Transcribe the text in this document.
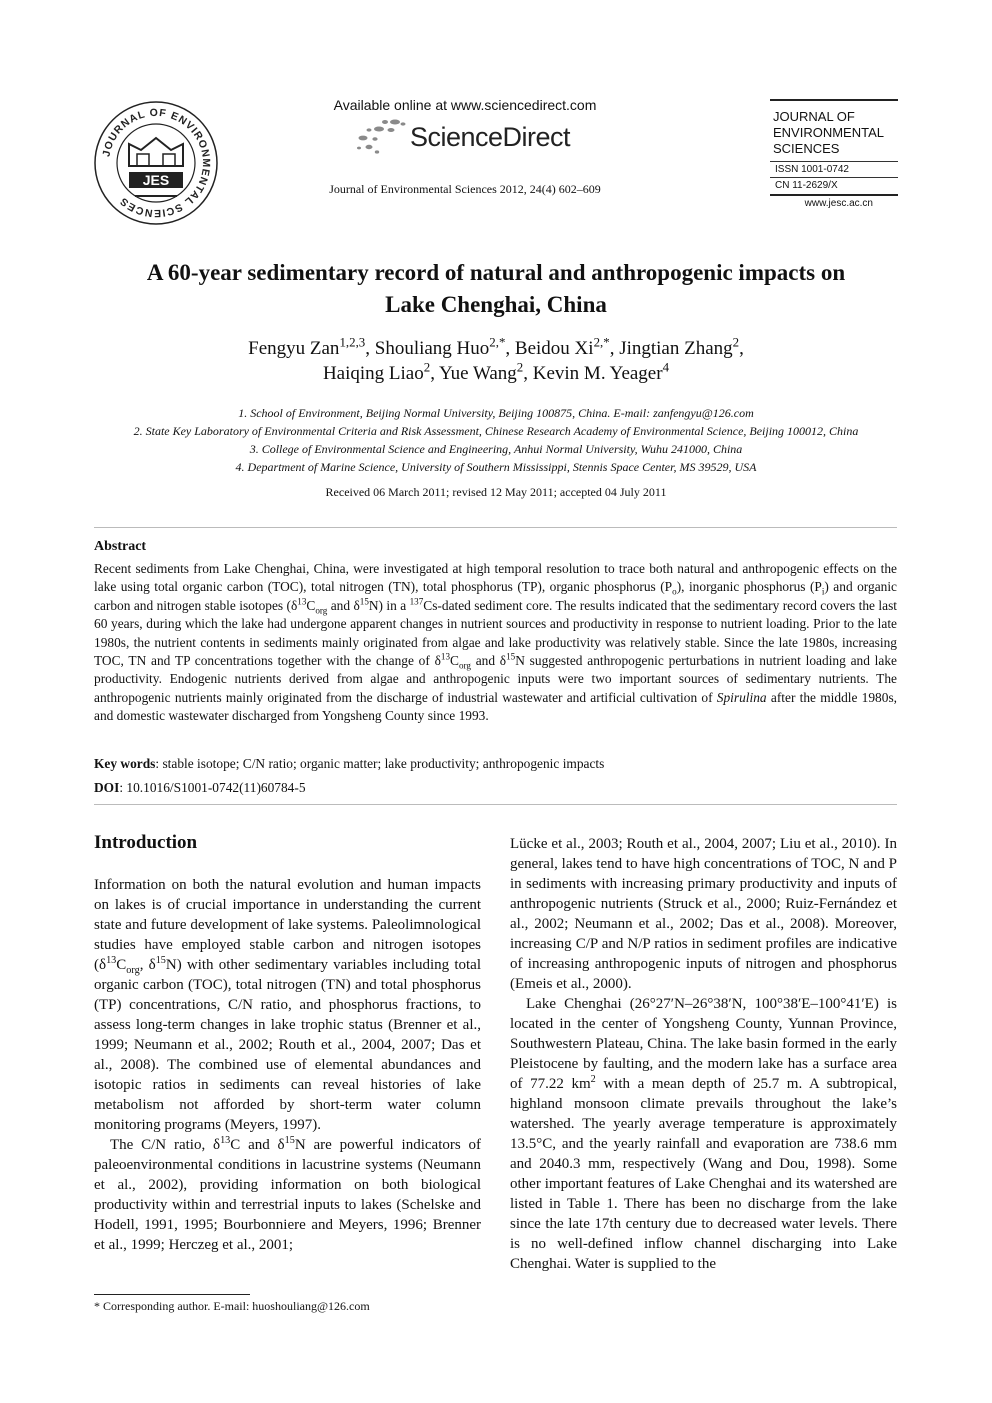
JOURNAL OF ENVIRONMENTAL SCIENCES
JES
Available online at www.sciencedirect.com
ScienceDirect
Journal of Environmental Sciences 2012, 24(4) 602–609
JOURNAL OF
ENVIRONMENTAL
SCIENCES
ISSN 1001-0742
CN 11-2629/X
www.jesc.ac.cn
A 60-year sedimentary record of natural and anthropogenic impacts on
Lake Chenghai, China
Fengyu Zan$^{1,2,3}$, Shouliang Huo$^{2,*}$, Beidou $Xi^{2,*}$, Jingtian Zhang$^2$,
Haiqing Liao$^2$, Yue Wang$^2$, Kevin M. Yeager$^4$
1. School of Environment, Beijing Normal University, Beijing 100875, China. E-mail: zanfengyu@126.com
2. State Key Laboratory of Environmental Criteria and Risk Assessment, Chinese Research Academy of Environmental Science, Beijing 100012, China
3. College of Environmental Science and Engineering, Anhui Normal University, Wuhu 241000, China
4. Department of Marine Science, University of Southern Mississippi, Stennis Space Center, MS 39529, USA
Received 06 March 2011; revised 12 May 2011; accepted 04 July 2011
Abstract
Recent sediments from Lake Chenghai, China, were investigated at high temporal resolution to trace both natural and anthropogenic effects on the lake using total organic carbon (TOC), total nitrogen (TN), total phosphorus (TP), organic phosphorus $(P_o)$, inorganic phosphorus $(P_i)$ and organic carbon and nitrogen stable isotopes ($\delta^{13}C_{org}$ and $\delta^{15}N$) in a $^{137}$Cs-dated sediment core. The results indicated that the sedimentary record covers the last 60 years, during which the lake had undergone apparent changes in nutrient sources and productivity in response to nutrient loading. Prior to the late 1980s, the nutrient contents in sediments mainly originated from algae and lake productivity was relatively stable. Since the late 1980s, increasing TOC, TN and TP concentrations together with the change of $\delta^{13}C_{org}$ and $\delta^{15}N$ suggested anthropogenic perturbations in nutrient loading and lake productivity. Endogenic nutrients derived from algae and anthropogenic inputs were two important sources of sedimentary nutrients. The anthropogenic nutrients mainly originated from the discharge of industrial wastewater and artificial cultivation of Spirulina after the middle 1980s, and domestic wastewater discharged from Yongsheng County since 1993.
Key words: stable isotope; C/N ratio; organic matter; lake productivity; anthropogenic impacts
DOI: 10.1016/S1001-0742(11)60784-5
Introduction

Information on both the natural evolution and human impacts on lakes is of crucial importance in understanding the current state and future development of lake systems. Paleolimnological studies have employed stable carbon and nitrogen isotopes ($\delta^{13}C_{org}$, $\delta^{15}N$) with other sedimentary variables including total organic carbon (TOC), total nitrogen (TN) and total phosphorus (TP) concentrations, C/N ratio, and phosphorus fractions, to assess long-term changes in lake trophic status (Brenner et al., 1999; Neumann et al., 2002; Routh et al., 2004, 2007; Das et al., 2008). The combined use of elemental abundances and isotopic ratios in sediments can reveal histories of lake metabolism not afforded by short-term water column monitoring programs (Meyers, 1997).

The C/N ratio, $\delta^{13}C$ and $\delta^{15}N$ are powerful indicators of paleoenvironmental conditions in lacustrine systems (Neumann et al., 2002), providing information on both biological productivity within and terrestrial inputs to lakes (Schelske and Hodell, 1991, 1995; Bourbonniere and Meyers, 1996; Brenner et al., 1999; Herczeg et al., 2001;

Lücke et al., 2003; Routh et al., 2004, 2007; Liu et al., 2010). In general, lakes tend to have high concentrations of TOC, N and P in sediments with increasing primary productivity and inputs of anthropogenic nutrients (Struck et al., 2000; Ruiz-Fernández et al., 2002; Neumann et al., 2002; Das et al., 2008). Moreover, increasing C/P and N/P ratios in sediment profiles are indicative of increasing anthropogenic inputs of nitrogen and phosphorus (Emeis et al., 2000).

Lake Chenghai (26°27′N–26°38′N, 100°38′E–100°41′E) is located in the center of Yongsheng County, Yunnan Province, Southwestern Plateau, China. The lake basin formed in the early Pleistocene by faulting, and the modern lake has a surface area of 77.22 $km^2$ with a mean depth of 25.7 m. A subtropical, highland monsoon climate prevails throughout the lake’s watershed. The yearly average temperature is approximately 13.5°C, and the yearly rainfall and evaporation are 738.6 mm and 2040.3 mm, respectively (Wang and Dou, 1998). Some other important features of Lake Chenghai and its watershed are listed in Table 1. There has been no discharge from the lake since the late 17th century due to decreased water levels. There is no well-defined inflow channel discharging into Lake Chenghai. Water is supplied to the

* Corresponding author. E-mail: huoshouliang@126.com
